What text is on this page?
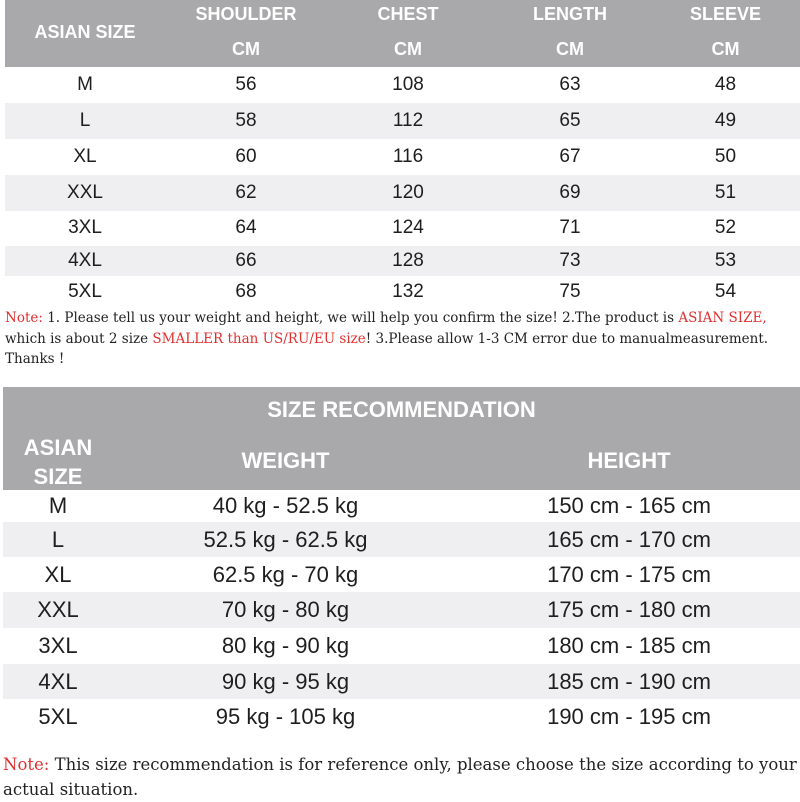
ASIAN SIZE
SHOULDER	CHEST	LENGTH	SLEEVE
CM	CM	CM	CM
M	56	108	63	48
L	58	112	65	49
XL	60	116	67	50
XXL	62	120	69	51
3XL	64	124	71	52
4XL	66	128	73	53
5XL	68	132	75	54
Note: 1. Please tell us your weight and height, we will help you confirm the size! 2.The product is ASIAN SIZE, which is about 2 size SMALLER than US/RU/EU size! 3.Please allow 1-3 CM error due to manualmeasurement. Thanks !
SIZE RECOMMENDATION
ASIAN
SIZE
WEIGHT	HEIGHT
M	40 kg - 52.5 kg	150 cm - 165 cm
L	52.5 kg - 62.5 kg	165 cm - 170 cm
XL	62.5 kg - 70 kg	170 cm - 175 cm
XXL	70 kg - 80 kg	175 cm - 180 cm
3XL	80 kg - 90 kg	180 cm - 185 cm
4XL	90 kg - 95 kg	185 cm - 190 cm
5XL	95 kg - 105 kg	190 cm - 195 cm
Note: This size recommendation is for reference only, please choose the size according to your actual situation.
